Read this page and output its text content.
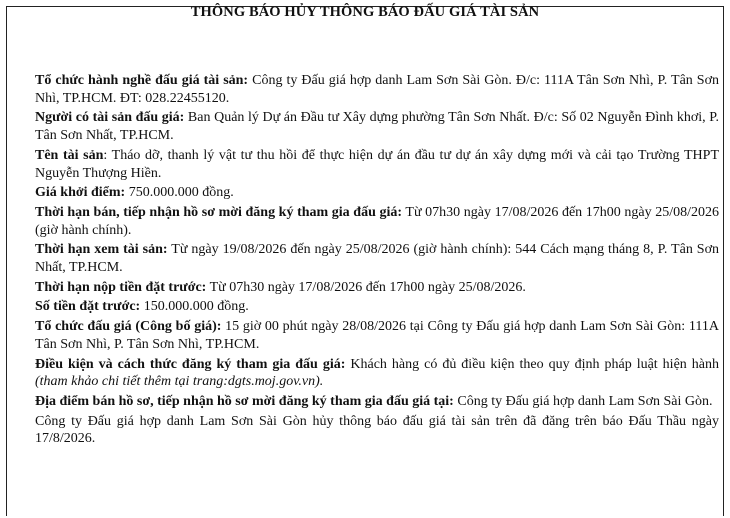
THÔNG BÁO HỦY THÔNG BÁO ĐẤU GIÁ TÀI SẢN

Tổ chức hành nghề đấu giá tài sản: Công ty Đấu giá hợp danh Lam Sơn Sài Gòn. Đ/c: 111A Tân Sơn Nhì, P. Tân Sơn Nhì, TP.HCM. ĐT: 028.22455120.

Người có tài sản đấu giá: Ban Quản lý Dự án Đầu tư Xây dựng phường Tân Sơn Nhất. Đ/c: Số 02 Nguyễn Đình khơi, P. Tân Sơn Nhất, TP.HCM.

Tên tài sản: Tháo dỡ, thanh lý vật tư thu hồi để thực hiện dự án đầu tư dự án xây dựng mới và cải tạo Trường THPT Nguyễn Thượng Hiền.

Giá khởi điểm: 750.000.000 đồng.

Thời hạn bán, tiếp nhận hồ sơ mời đăng ký tham gia đấu giá: Từ 07h30 ngày 17/08/2026 đến 17h00 ngày 25/08/2026 (giờ hành chính).

Thời hạn xem tài sản: Từ ngày 19/08/2026 đến ngày 25/08/2026 (giờ hành chính): 544 Cách mạng tháng 8, P. Tân Sơn Nhất, TP.HCM.

Thời hạn nộp tiền đặt trước: Từ 07h30 ngày 17/08/2026 đến 17h00 ngày 25/08/2026.

Số tiền đặt trước: 150.000.000 đồng.

Tổ chức đấu giá (Công bố giá): 15 giờ 00 phút ngày 28/08/2026 tại Công ty Đấu giá hợp danh Lam Sơn Sài Gòn: 111A Tân Sơn Nhì, P. Tân Sơn Nhì, TP.HCM.

Điều kiện và cách thức đăng ký tham gia đấu giá: Khách hàng có đủ điều kiện theo quy định pháp luật hiện hành (tham khảo chi tiết thêm tại trang:dgts.moj.gov.vn).

Địa điểm bán hồ sơ, tiếp nhận hồ sơ mời đăng ký tham gia đấu giá tại: Công ty Đấu giá hợp danh Lam Sơn Sài Gòn.

Công ty Đấu giá hợp danh Lam Sơn Sài Gòn hủy thông báo đấu giá tài sản trên đã đăng trên báo Đấu Thầu ngày 17/8/2026.
